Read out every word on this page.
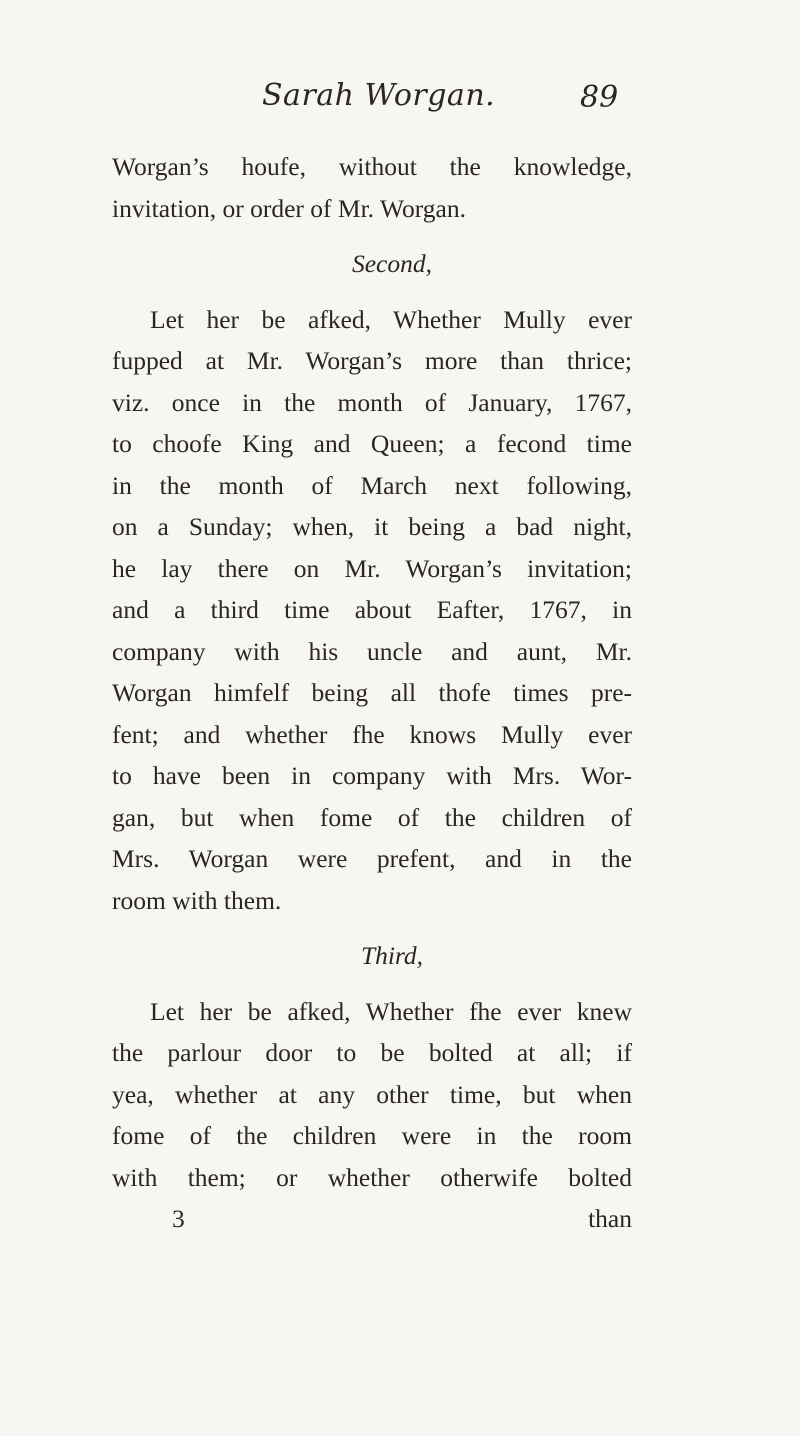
Sarah Worgan.	89
Worgan’s houfe, without the knowledge,
invitation, or order of Mr. Worgan.
Second,
Let her be afked, Whether Mully ever
fupped at Mr. Worgan’s more than thrice;
viz. once in the month of January, 1767,
to choofe King and Queen; a fecond time
in the month of March next following,
on a Sunday; when, it being a bad night,
he lay there on Mr. Worgan’s invitation;
and a third time about Eafter, 1767, in
company with his uncle and aunt, Mr.
Worgan himfelf being all thofe times pre-
fent; and whether fhe knows Mully ever
to have been in company with Mrs. Wor-
gan, but when fome of the children of
Mrs. Worgan were prefent, and in the
room with them.
Third,
Let her be afked, Whether fhe ever knew
the parlour door to be bolted at all; if
yea, whether at any other time, but when
fome of the children were in the room
with them; or whether otherwife bolted
3	than
